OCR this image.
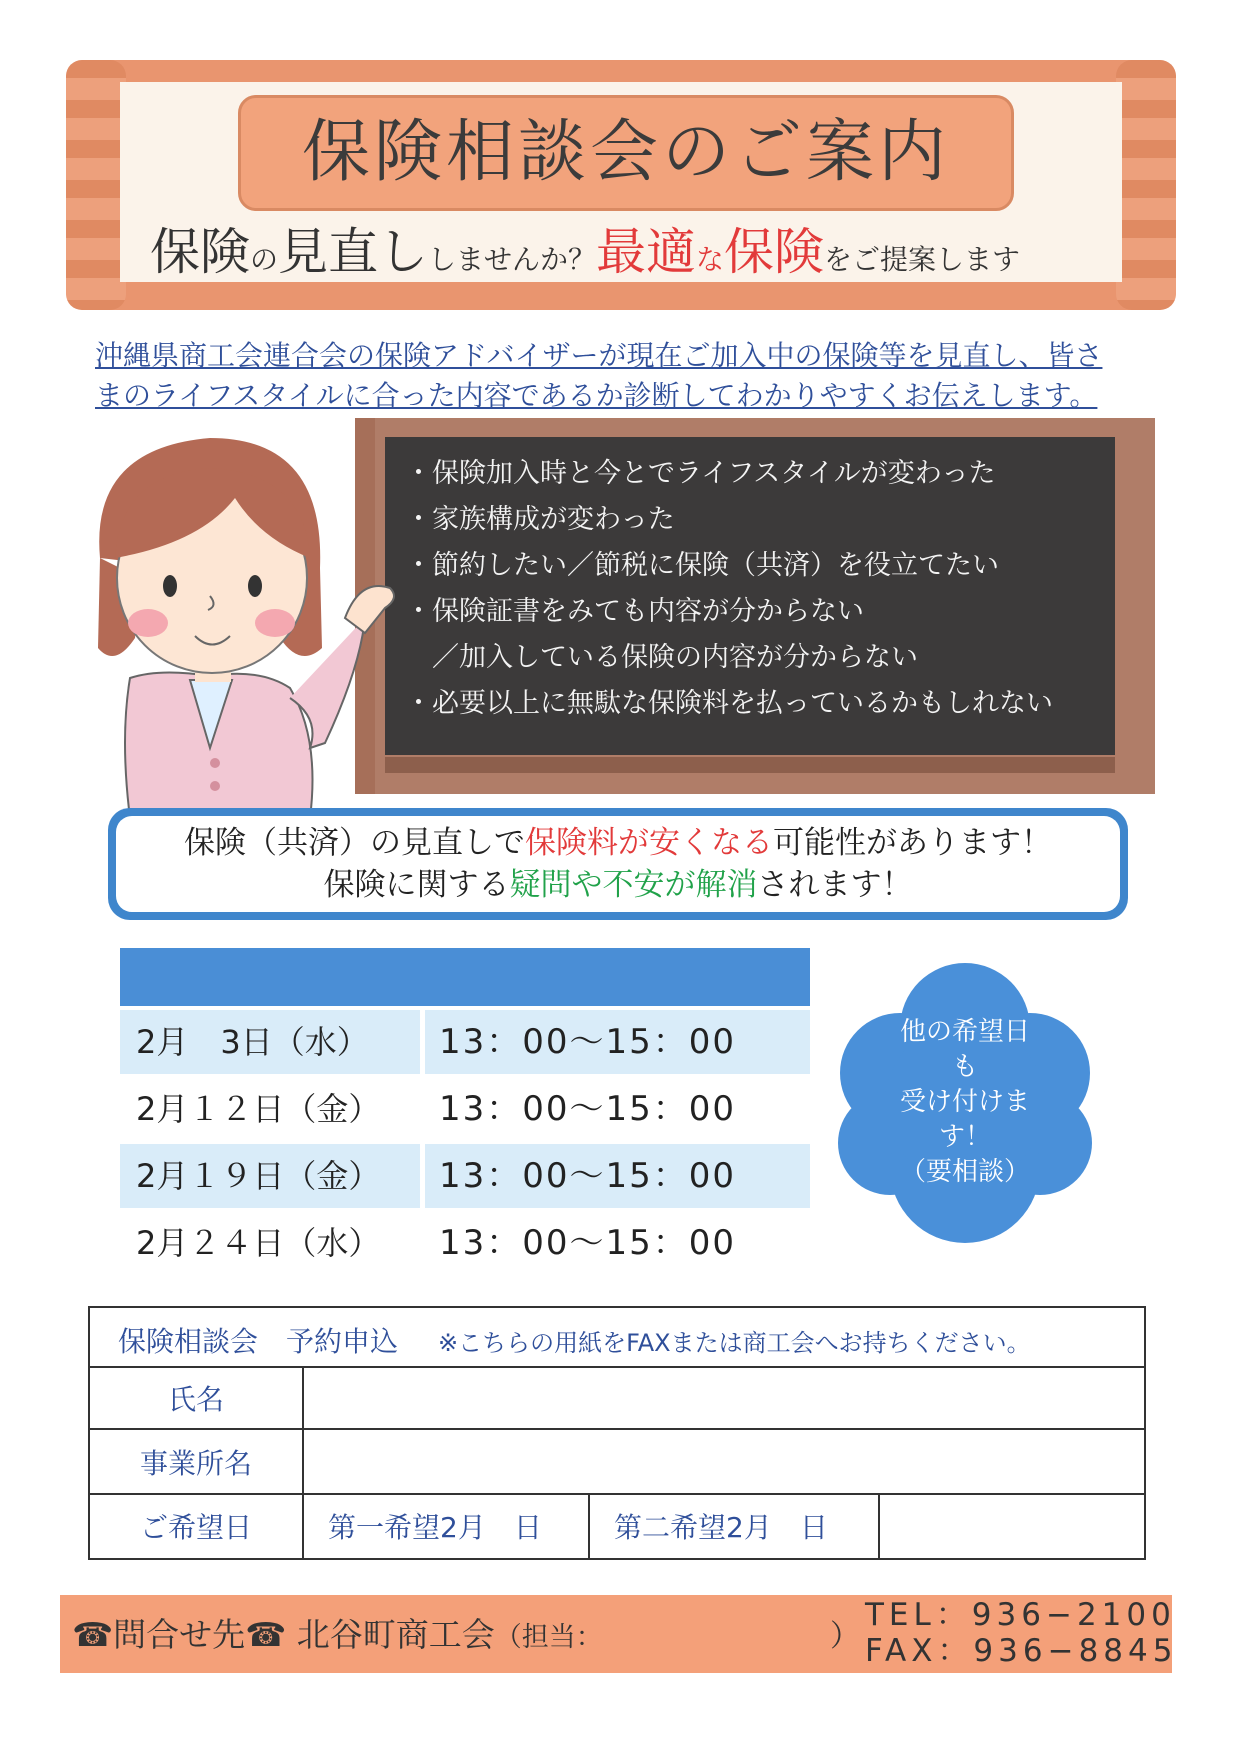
保険相談会のご案内
保険の見直ししませんか？最適な保険をご提案します
沖縄県商工会連合会の保険アドバイザーが現在ご加入中の保険等を見直し、皆さ
まのライフスタイルに合った内容であるか診断してわかりやすくお伝えします。
・保険加入時と今とでライフスタイルが変わった
・家族構成が変わった
・節約したい／節税に保険（共済）を役立てたい
・保険証書をみても内容が分からない
　／加入している保険の内容が分からない
・必要以上に無駄な保険料を払っているかもしれない
保険（共済）の見直しで保険料が安くなる可能性があります！
保険に関する疑問や不安が解消されます！
2月　3日（水）	13：00～15：00
2月１２日（金）	13：00～15：00
2月１９日（金）	13：00～15：00
2月２４日（水）	13：00～15：00
他の希望日
も
受け付けま
す！
（要相談）
保険相談会　予約申込 ※こちらの用紙をFAXまたは商工会へお持ちください。
氏名
事業所名
ご希望日	第一希望2月　日	第二希望2月　日
☎問合せ先☎ 北谷町商工会（担当：	）
TEL：936−2100
FAX：936−8845
